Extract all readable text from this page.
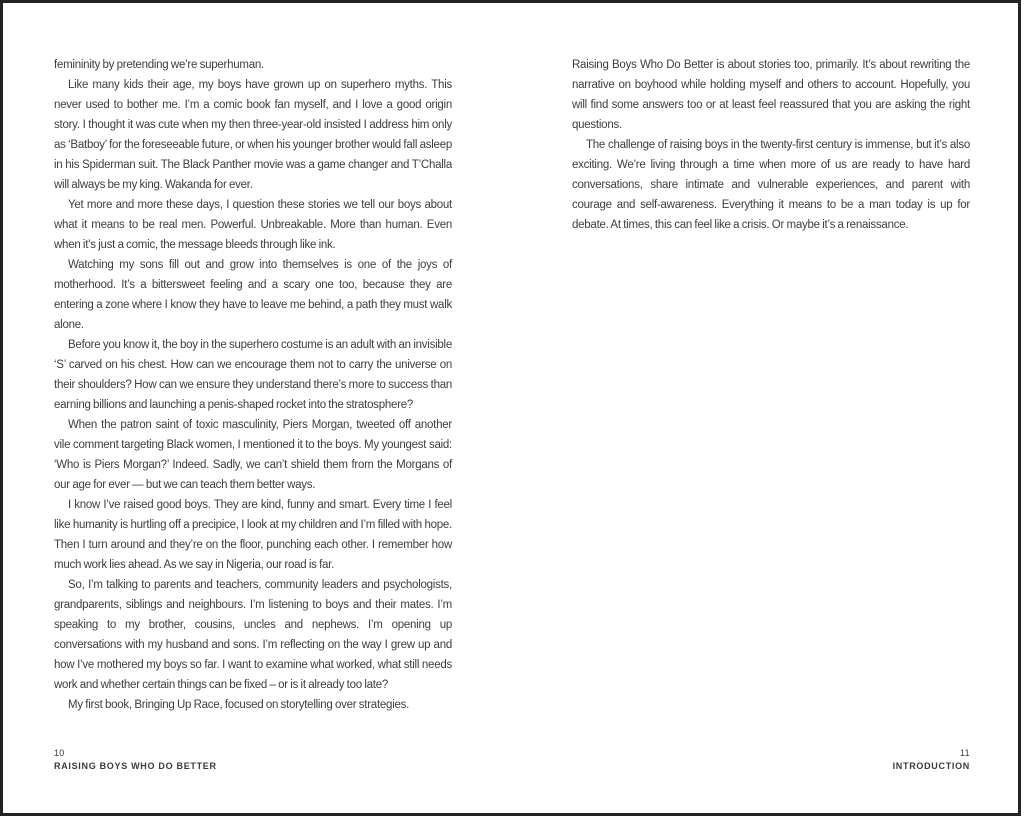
femininity by pretending we’re superhuman.

Like many kids their age, my boys have grown up on superhero myths. This never used to bother me. I’m a comic book fan myself, and I love a good origin story. I thought it was cute when my then three-year-old insisted I address him only as ‘Batboy’ for the foreseeable future, or when his younger brother would fall asleep in his Spiderman suit. The Black Panther movie was a game changer and T’Challa will always be my king. Wakanda for ever.

Yet more and more these days, I question these stories we tell our boys about what it means to be real men. Powerful. Unbreakable. More than human. Even when it’s just a comic, the message bleeds through like ink.

Watching my sons fill out and grow into themselves is one of the joys of motherhood. It’s a bittersweet feeling and a scary one too, because they are entering a zone where I know they have to leave me behind, a path they must walk alone.

Before you know it, the boy in the superhero costume is an adult with an invisible ‘S’ carved on his chest. How can we encourage them not to carry the universe on their shoulders? How can we ensure they understand there’s more to success than earning billions and launching a penis-shaped rocket into the stratosphere?

When the patron saint of toxic masculinity, Piers Morgan, tweeted off another vile comment targeting Black women, I mentioned it to the boys. My youngest said: ‘Who is Piers Morgan?’ Indeed. Sadly, we can’t shield them from the Morgans of our age for ever — but we can teach them better ways.

I know I’ve raised good boys. They are kind, funny and smart. Every time I feel like humanity is hurtling off a precipice, I look at my children and I’m filled with hope. Then I turn around and they’re on the floor, punching each other. I remember how much work lies ahead. As we say in Nigeria, our road is far.

So, I’m talking to parents and teachers, community leaders and psychologists, grandparents, siblings and neighbours. I’m listening to boys and their mates. I’m speaking to my brother, cousins, uncles and nephews. I’m opening up conversations with my husband and sons. I’m reflecting on the way I grew up and how I’ve mothered my boys so far. I want to examine what worked, what still needs work and whether certain things can be fixed – or is it already too late?

My first book, Bringing Up Race, focused on storytelling over strategies.

Raising Boys Who Do Better is about stories too, primarily. It’s about rewriting the narrative on boyhood while holding myself and others to account. Hopefully, you will find some answers too or at least feel reassured that you are asking the right questions.

The challenge of raising boys in the twenty-first century is immense, but it’s also exciting. We’re living through a time when more of us are ready to have hard conversations, share intimate and vulnerable experiences, and parent with courage and self-awareness. Everything it means to be a man today is up for debate. At times, this can feel like a crisis. Or maybe it’s a renaissance.

10
RAISING BOYS WHO DO BETTER
11
INTRODUCTION
